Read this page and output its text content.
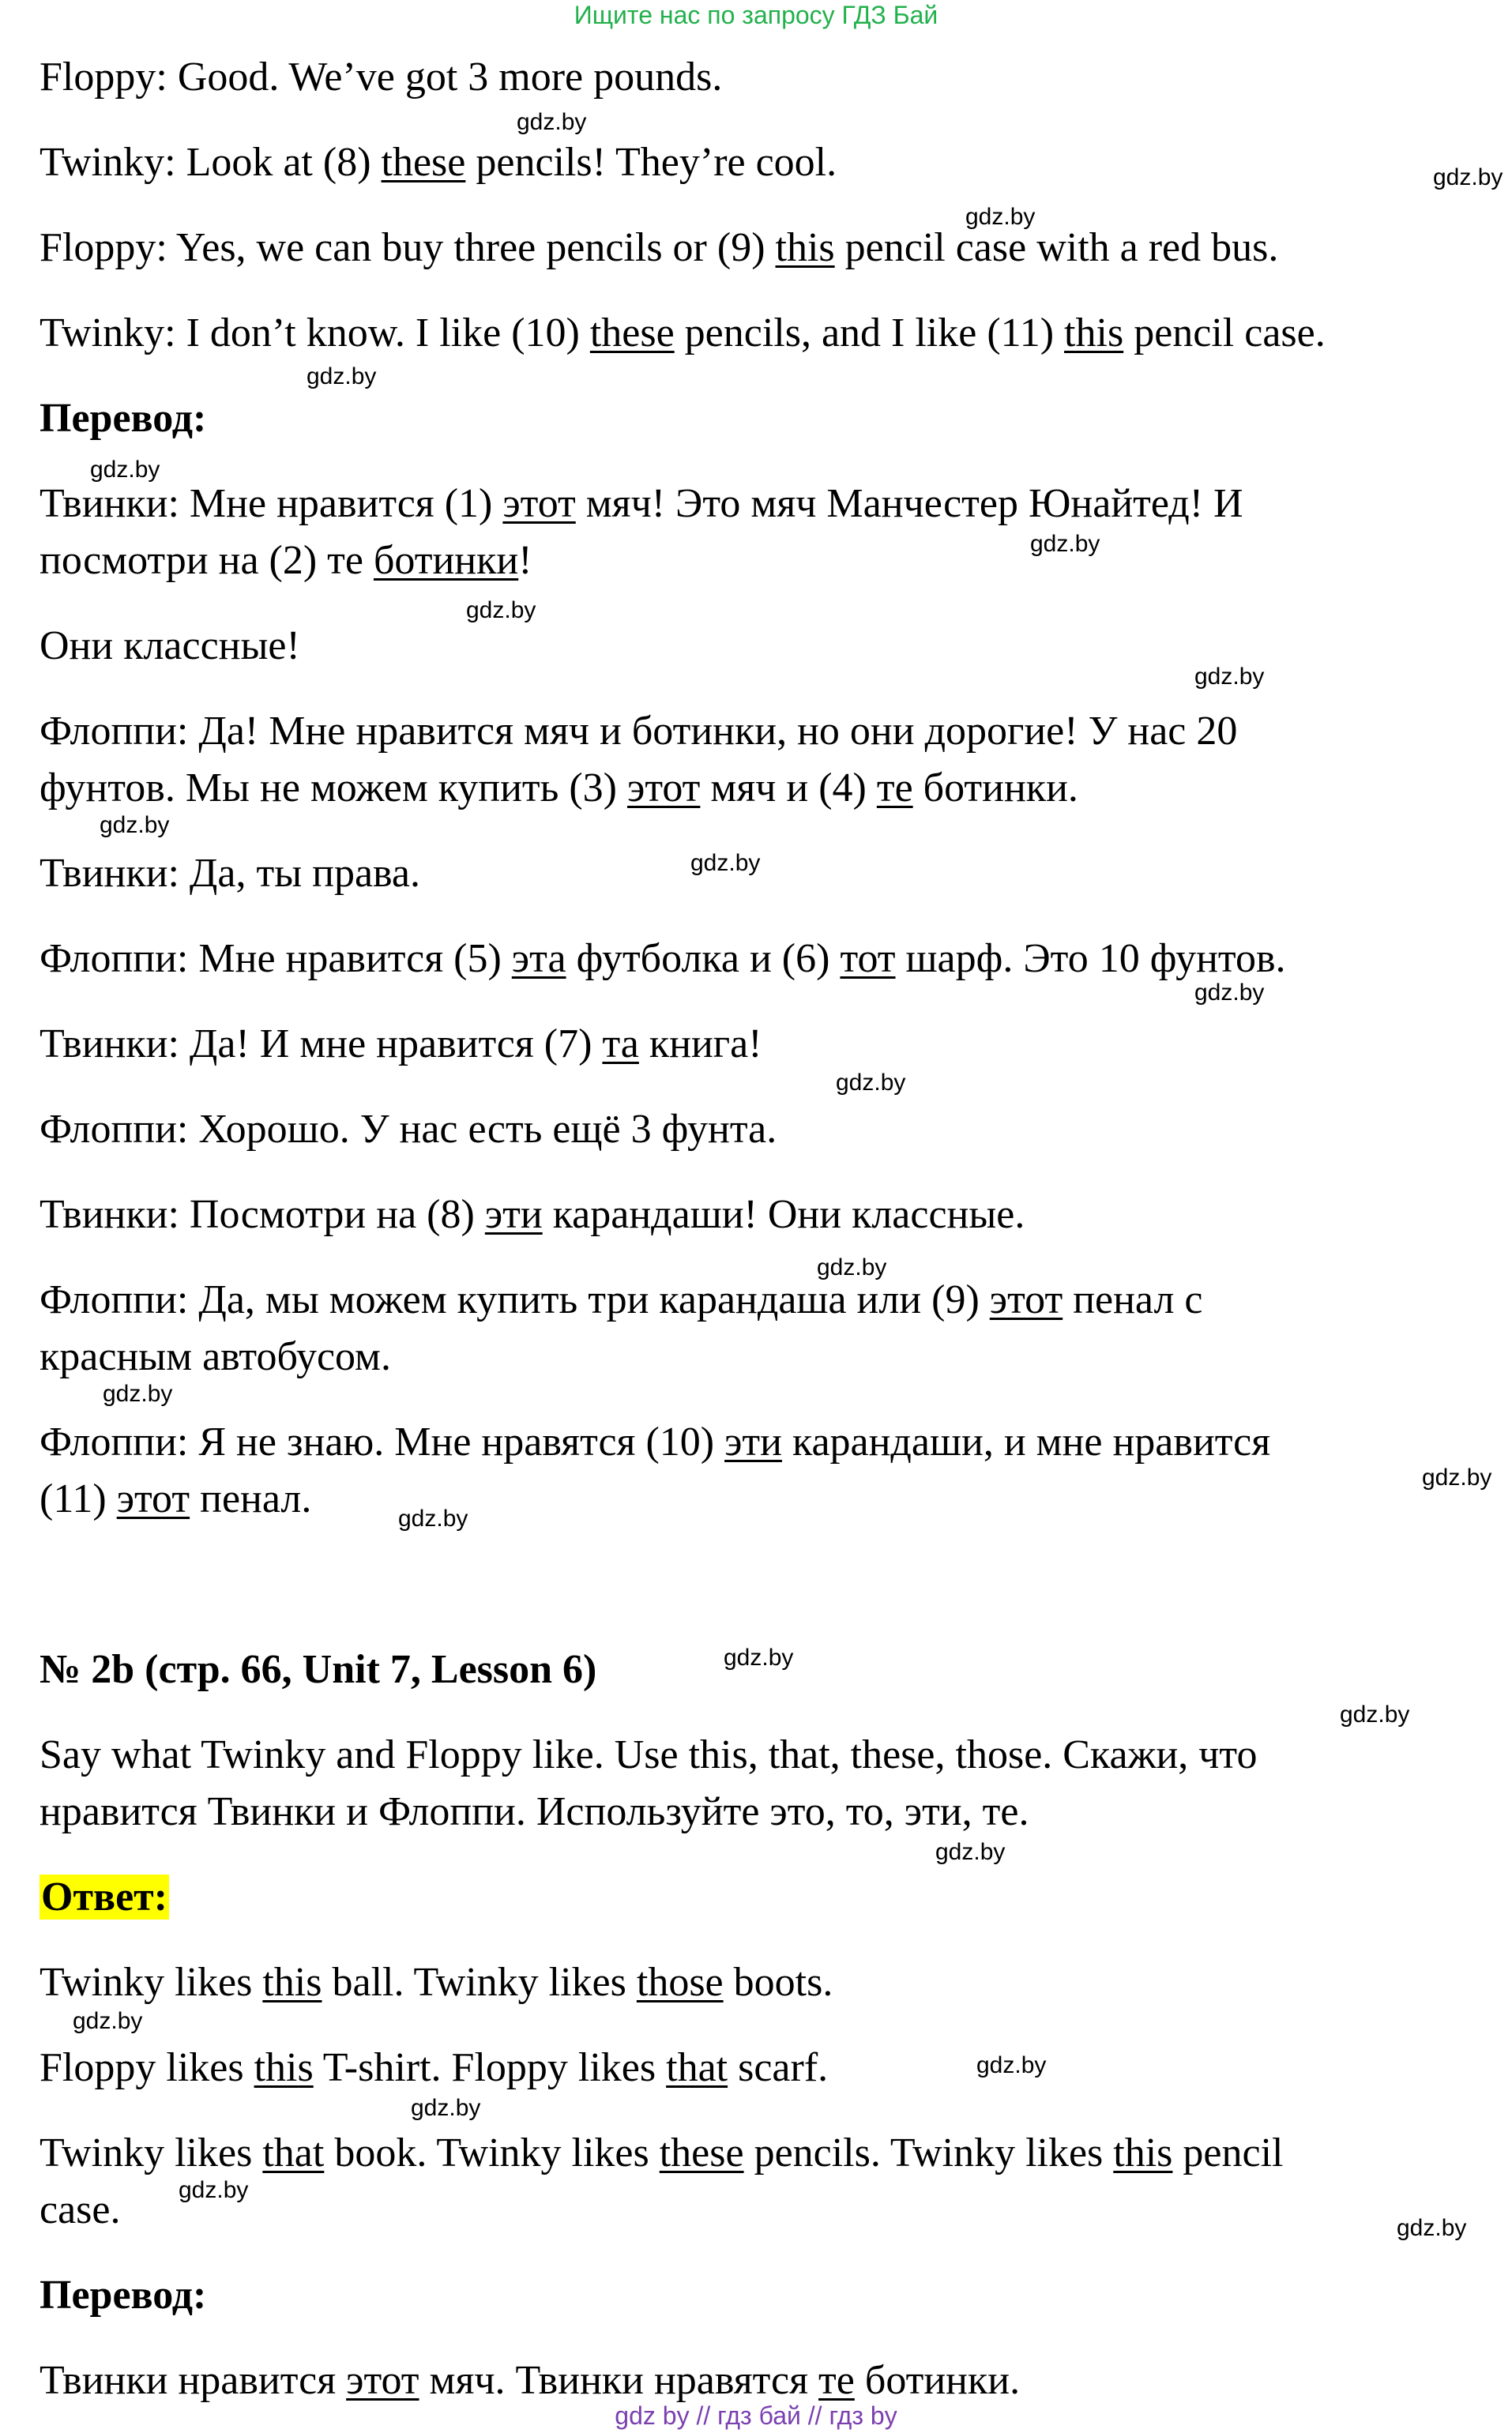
Ищите нас по запросу ГДЗ Бай
Floppy: Good. We’ve got 3 more pounds.
Twinky: Look at (8) these pencils! They’re cool.
Floppy: Yes, we can buy three pencils or (9) this pencil case with a red bus.
Twinky: I don’t know. I like (10) these pencils, and I like (11) this pencil case.
Перевод:
Твинки: Мне нравится (1) этот мяч! Это мяч Манчестер Юнайтед! И
посмотри на (2) те ботинки!
Они классные!
Флоппи: Да! Мне нравится мяч и ботинки, но они дорогие! У нас 20
фунтов. Мы не можем купить (3) этот мяч и (4) те ботинки.
Твинки: Да, ты права.
Флоппи: Мне нравится (5) эта футболка и (6) тот шарф. Это 10 фунтов.
Твинки: Да! И мне нравится (7) та книга!
Флоппи: Хорошо. У нас есть ещё 3 фунта.
Твинки: Посмотри на (8) эти карандаши! Они классные.
Флоппи: Да, мы можем купить три карандаша или (9) этот пенал с
красным автобусом.
Флоппи: Я не знаю. Мне нравятся (10) эти карандаши, и мне нравится
(11) этот пенал.
№ 2b (стр. 66, Unit 7, Lesson 6)
Say what Twinky and Floppy like. Use this, that, these, those. Скажи, что
нравится Твинки и Флоппи. Используйте это, то, эти, те.
Ответ:
Twinky likes this ball. Twinky likes those boots.
Floppy likes this T-shirt. Floppy likes that scarf.
Twinky likes that book. Twinky likes these pencils. Twinky likes this pencil
case.
Перевод:
Твинки нравится этот мяч. Твинки нравятся те ботинки.
gdz.by
gdz.by
gdz.by
gdz.by
gdz.by
gdz.by
gdz.by
gdz.by
gdz.by
gdz.by
gdz.by
gdz.by
gdz.by
gdz.by
gdz.by
gdz.by
gdz.by
gdz.by
gdz.by
gdz.by
gdz.by
gdz.by
gdz.by
gdz.by
gdz by // гдз бай // гдз by
